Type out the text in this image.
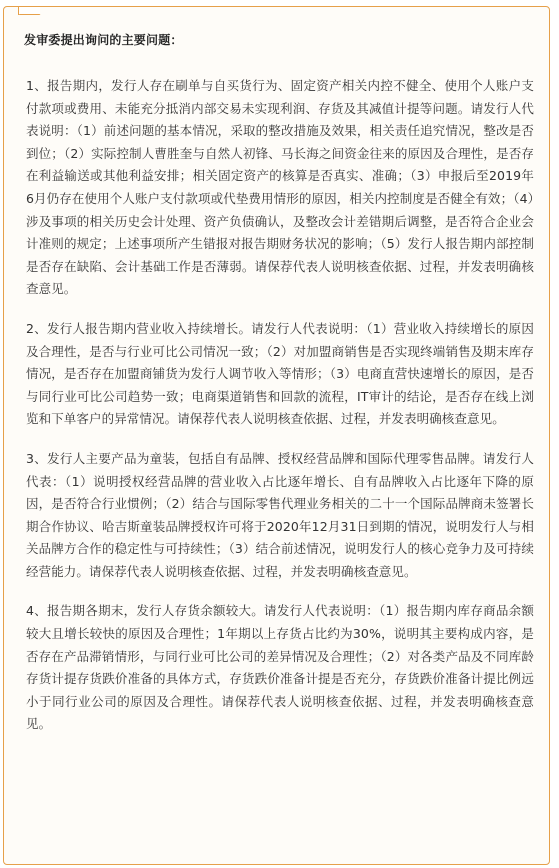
发审委提出询问的主要问题：

1、报告期内，发行人存在刷单与自买货行为、固定资产相关内控不健全、使用个人账户支付款项或费用、未能充分抵消内部交易未实现利润、存货及其减值计提等问题。请发行人代表说明：（1）前述问题的基本情况，采取的整改措施及效果，相关责任追究情况，整改是否到位；（2）实际控制人曹胜奎与自然人初锋、马长海之间资金往来的原因及合理性，是否存在利益输送或其他利益安排；相关固定资产的核算是否真实、准确；（3）申报后至2019年6月仍存在使用个人账户支付款项或代垫费用情形的原因，相关内控制度是否健全有效；（4）涉及事项的相关历史会计处理、资产负债确认，及整改会计差错期后调整，是否符合企业会计准则的规定；上述事项所产生错报对报告期财务状况的影响；（5）发行人报告期内部控制是否存在缺陷、会计基础工作是否薄弱。请保荐代表人说明核查依据、过程，并发表明确核查意见。

2、发行人报告期内营业收入持续增长。请发行人代表说明：（1）营业收入持续增长的原因及合理性，是否与行业可比公司情况一致；（2）对加盟商销售是否实现终端销售及期末库存情况，是否存在加盟商铺货为发行人调节收入等情形；（3）电商直营快速增长的原因，是否与同行业可比公司趋势一致；电商渠道销售和回款的流程，IT审计的结论，是否存在线上浏览和下单客户的异常情况。请保荐代表人说明核查依据、过程，并发表明确核查意见。

3、发行人主要产品为童装，包括自有品牌、授权经营品牌和国际代理零售品牌。请发行人代表：（1）说明授权经营品牌的营业收入占比逐年增长、自有品牌收入占比逐年下降的原因，是否符合行业惯例；（2）结合与国际零售代理业务相关的二十一个国际品牌商未签署长期合作协议、哈吉斯童装品牌授权许可将于2020年12月31日到期的情况，说明发行人与相关品牌方合作的稳定性与可持续性；（3）结合前述情况，说明发行人的核心竞争力及可持续经营能力。请保荐代表人说明核查依据、过程，并发表明确核查意见。

4、报告期各期末，发行人存货余额较大。请发行人代表说明：（1）报告期内库存商品余额较大且增长较快的原因及合理性；1年期以上存货占比约为30%，说明其主要构成内容，是否存在产品滞销情形，与同行业可比公司的差异情况及合理性；（2）对各类产品及不同库龄存货计提存货跌价准备的具体方式，存货跌价准备计提是否充分，存货跌价准备计提比例远小于同行业公司的原因及合理性。请保荐代表人说明核查依据、过程，并发表明确核查意见。
